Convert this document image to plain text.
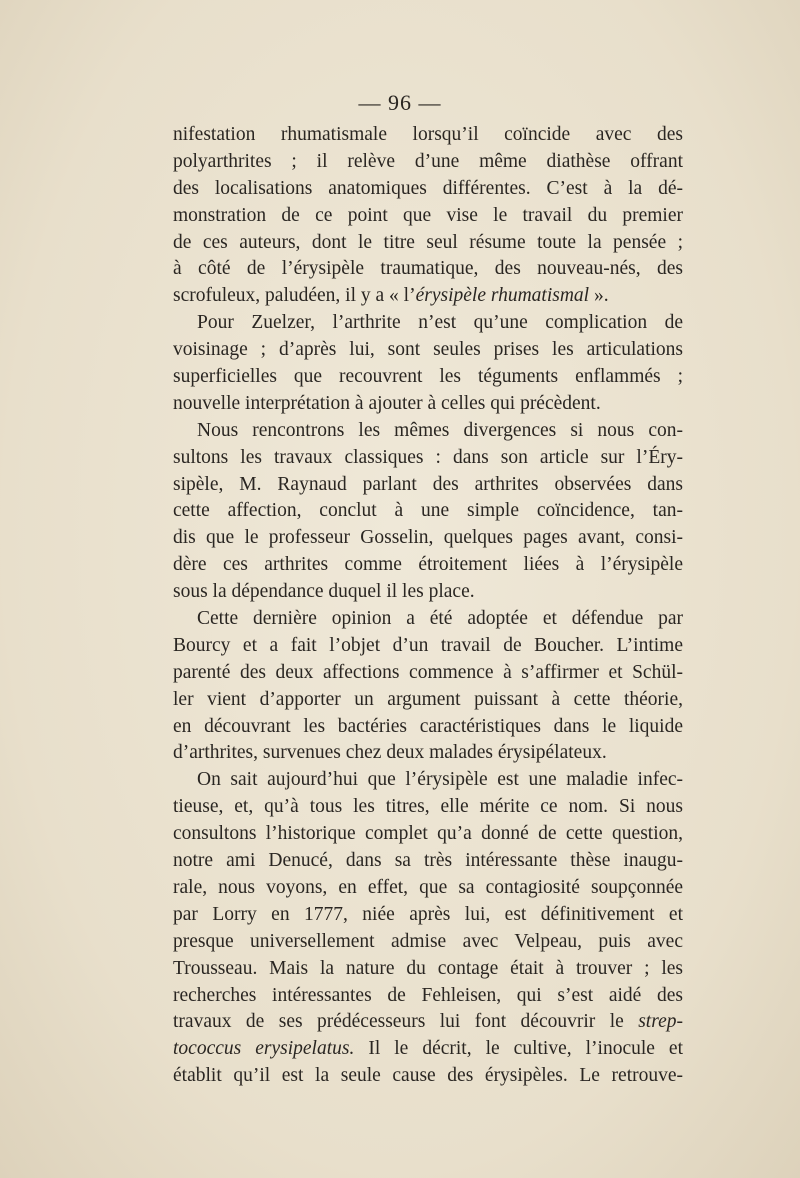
— 96 —
nifestation rhumatismale lorsqu’il coïncide avec des
polyarthrites ; il relève d’une même diathèse offrant
des localisations anatomiques différentes. C’est à la dé-
monstration de ce point que vise le travail du premier
de ces auteurs, dont le titre seul résume toute la pensée ;
à côté de l’érysipèle traumatique, des nouveau-nés, des
scrofuleux, paludéen, il y a « l’érysipèle rhumatismal ».
Pour Zuelzer, l’arthrite n’est qu’une complication de
voisinage ; d’après lui, sont seules prises les articulations
superficielles que recouvrent les téguments enflammés ;
nouvelle interprétation à ajouter à celles qui précèdent.
Nous rencontrons les mêmes divergences si nous con-
sultons les travaux classiques : dans son article sur l’Éry-
sipèle, M. Raynaud parlant des arthrites observées dans
cette affection, conclut à une simple coïncidence, tan-
dis que le professeur Gosselin, quelques pages avant, consi-
dère ces arthrites comme étroitement liées à l’érysipèle
sous la dépendance duquel il les place.
Cette dernière opinion a été adoptée et défendue par
Bourcy et a fait l’objet d’un travail de Boucher. L’intime
parenté des deux affections commence à s’affirmer et Schül-
ler vient d’apporter un argument puissant à cette théorie,
en découvrant les bactéries caractéristiques dans le liquide
d’arthrites, survenues chez deux malades érysipélateux.
On sait aujourd’hui que l’érysipèle est une maladie infec-
tieuse, et, qu’à tous les titres, elle mérite ce nom. Si nous
consultons l’historique complet qu’a donné de cette question,
notre ami Denucé, dans sa très intéressante thèse inaugu-
rale, nous voyons, en effet, que sa contagiosité soupçonnée
par Lorry en 1777, niée après lui, est définitivement et
presque universellement admise avec Velpeau, puis avec
Trousseau. Mais la nature du contage était à trouver ; les
recherches intéressantes de Fehleisen, qui s’est aidé des
travaux de ses prédécesseurs lui font découvrir le strep-
tococcus erysipelatus. Il le décrit, le cultive, l’inocule et
établit qu’il est la seule cause des érysipèles. Le retrouve-
